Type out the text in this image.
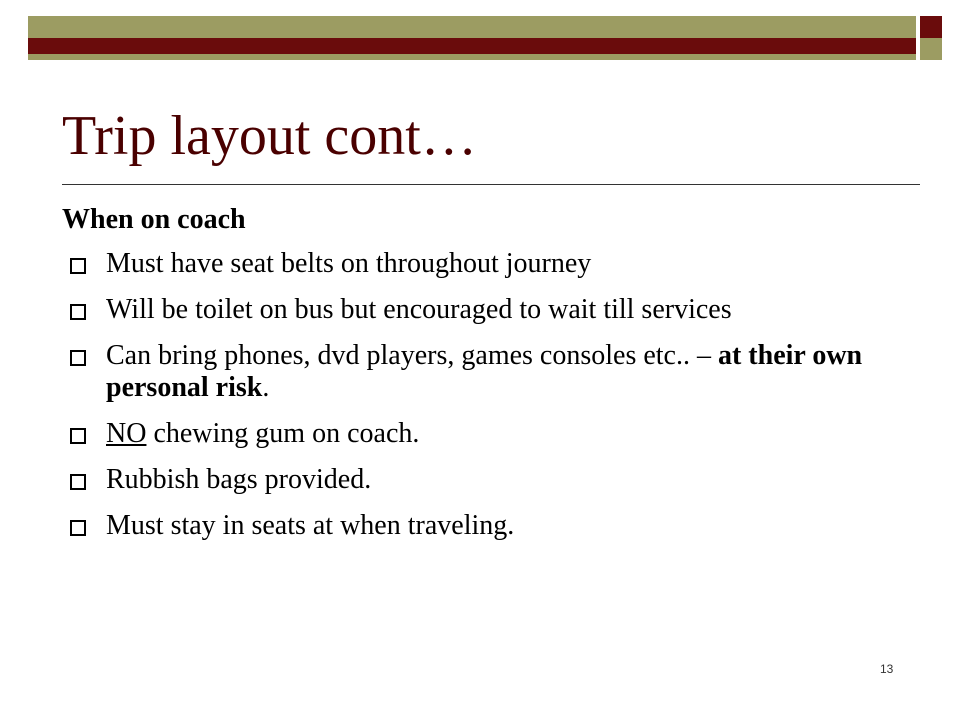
Trip layout cont…
When on coach
Must have seat belts on throughout journey
Will be toilet on bus but encouraged to wait till services
Can bring phones, dvd players, games consoles etc.. – at their own personal risk.
NO chewing gum on coach.
Rubbish bags provided.
Must stay in seats at when traveling.
13
